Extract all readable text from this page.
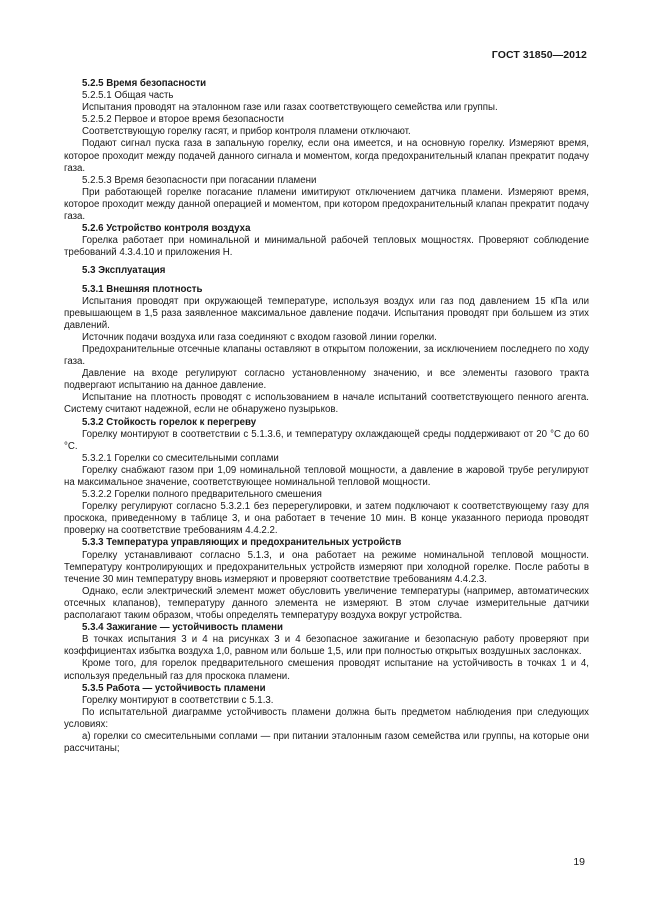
ГОСТ 31850—2012

5.2.5 Время безопасности

5.2.5.1 Общая часть

Испытания проводят на эталонном газе или газах соответствующего семейства или группы.

5.2.5.2 Первое и второе время безопасности

Соответствующую горелку гасят, и прибор контроля пламени отключают.

Подают сигнал пуска газа в запальную горелку, если она имеется, и на основную горелку. Измеряют время, которое проходит между подачей данного сигнала и моментом, когда предохранительный клапан прекратит подачу газа.

5.2.5.3 Время безопасности при погасании пламени

При работающей горелке погасание пламени имитируют отключением датчика пламени. Измеряют время, которое проходит между данной операцией и моментом, при котором предохранительный клапан прекратит подачу газа.

5.2.6 Устройство контроля воздуха

Горелка работает при номинальной и минимальной рабочей тепловых мощностях. Проверяют соблюдение требований 4.3.4.10 и приложения Н.

5.3 Эксплуатация

5.3.1 Внешняя плотность

Испытания проводят при окружающей температуре, используя воздух или газ под давлением 15 кПа или превышающем в 1,5 раза заявленное максимальное давление подачи. Испытания проводят при большем из этих давлений.

Источник подачи воздуха или газа соединяют с входом газовой линии горелки.

Предохранительные отсечные клапаны оставляют в открытом положении, за исключением последнего по ходу газа.

Давление на входе регулируют согласно установленному значению, и все элементы газового тракта подвергают испытанию на данное давление.

Испытание на плотность проводят с использованием в начале испытаний соответствующего пенного агента. Систему считают надежной, если не обнаружено пузырьков.

5.3.2 Стойкость горелок к перегреву

Горелку монтируют в соответствии с 5.1.3.6, и температуру охлаждающей среды поддерживают от 20 °С до 60 °С.

5.3.2.1 Горелки со смесительными соплами

Горелку снабжают газом при 1,09 номинальной тепловой мощности, а давление в жаровой трубе регулируют на максимальное значение, соответствующее номинальной тепловой мощности.

5.3.2.2 Горелки полного предварительного смешения

Горелку регулируют согласно 5.3.2.1 без перерегулировки, и затем подключают к соответствующему газу для проскока, приведенному в таблице 3, и она работает в течение 10 мин. В конце указанного периода проводят проверку на соответствие требованиям 4.4.2.2.

5.3.3 Температура управляющих и предохранительных устройств

Горелку устанавливают согласно 5.1.3, и она работает на режиме номинальной тепловой мощности. Температуру контролирующих и предохранительных устройств измеряют при холодной горелке. После работы в течение 30 мин температуру вновь измеряют и проверяют соответствие требованиям 4.4.2.3.

Однако, если электрический элемент может обусловить увеличение температуры (например, автоматических отсечных клапанов), температуру данного элемента не измеряют. В этом случае измерительные датчики располагают таким образом, чтобы определять температуру воздуха вокруг устройства.

5.3.4 Зажигание — устойчивость пламени

В точках испытания 3 и 4 на рисунках 3 и 4 безопасное зажигание и безопасную работу проверяют при коэффициентах избытка воздуха 1,0, равном или больше 1,5, или при полностью открытых воздушных заслонках.

Кроме того, для горелок предварительного смешения проводят испытание на устойчивость в точках 1 и 4, используя предельный газ для проскока пламени.

5.3.5 Работа — устойчивость пламени

Горелку монтируют в соответствии с 5.1.3.

По испытательной диаграмме устойчивость пламени должна быть предметом наблюдения при следующих условиях:

а) горелки со смесительными соплами — при питании эталонным газом семейства или группы, на которые они рассчитаны;

19
